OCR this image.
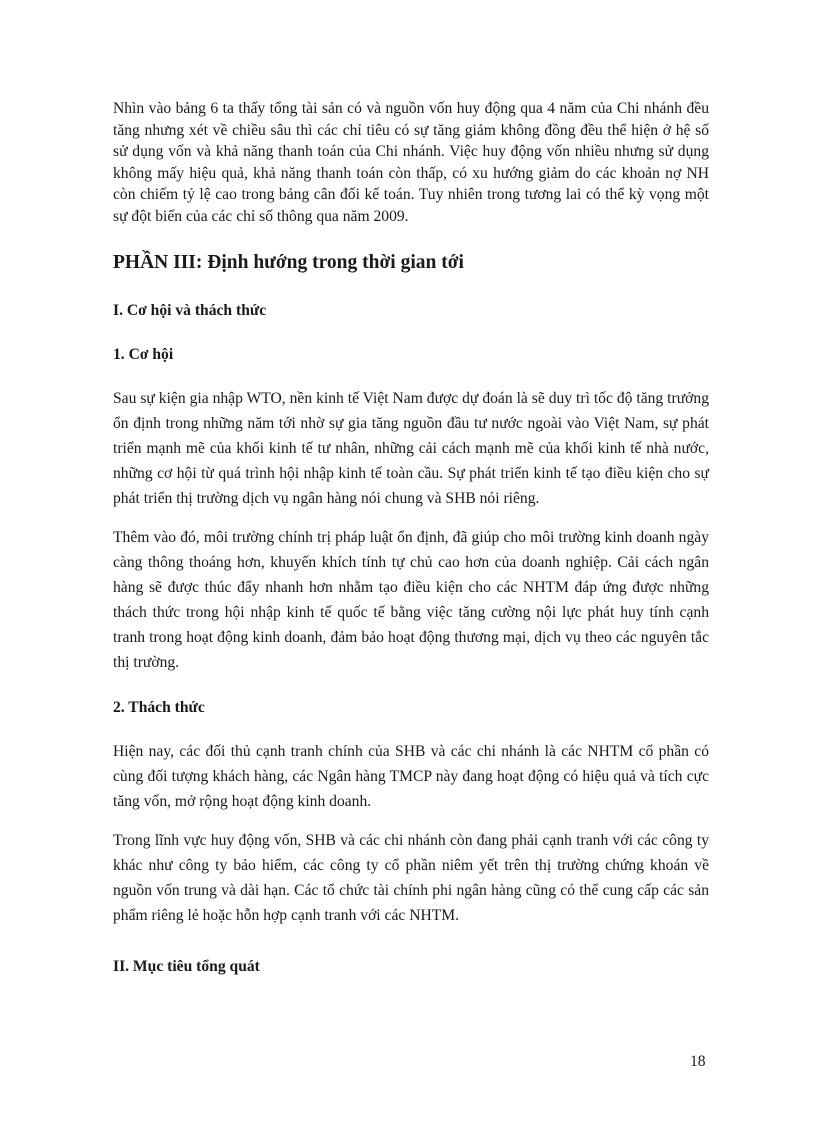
Nhìn vào bảng 6 ta thấy tổng tài sản có và nguồn vốn huy động qua 4 năm của Chi nhánh đều tăng nhưng xét về chiều sâu thì các chỉ tiêu có sự tăng giảm không đồng đều thể hiện ở hệ số sử dụng vốn và khả năng thanh toán của Chi nhánh. Việc huy động vốn nhiều nhưng sử dụng không mấy hiệu quả, khả năng thanh toán còn thấp, có xu hướng giảm do các khoản nợ NH còn chiếm tỷ lệ cao trong bảng cân đối kế toán. Tuy nhiên trong tương lai có thể kỳ vọng một sự đột biến của các chỉ số thông qua năm 2009.

PHẦN III: Định hướng trong thời gian tới
I. Cơ hội và thách thức
1. Cơ hội

Sau sự kiện gia nhập WTO, nền kinh tế Việt Nam được dự đoán là sẽ duy trì tốc độ tăng trưởng ổn định trong những năm tới nhờ sự gia tăng nguồn đầu tư nước ngoài vào Việt Nam, sự phát triển mạnh mẽ của khối kinh tế tư nhân, những cải cách mạnh mẽ của khối kinh tế nhà nước, những cơ hội từ quá trình hội nhập kinh tế toàn cầu. Sự phát triển kinh tế tạo điều kiện cho sự phát triển thị trường dịch vụ ngân hàng nói chung và SHB nói riêng.

Thêm vào đó, môi trường chính trị pháp luật ổn định, đã giúp cho môi trường kinh doanh ngày càng thông thoáng hơn, khuyến khích tính tự chủ cao hơn của doanh nghiệp. Cải cách ngân hàng sẽ được thúc đẩy nhanh hơn nhằm tạo điều kiện cho các NHTM đáp ứng được những thách thức trong hội nhập kinh tế quốc tế bằng việc tăng cường nội lực phát huy tính cạnh tranh trong hoạt động kinh doanh, đảm bảo hoạt động thương mại, dịch vụ theo các nguyên tắc thị trường.

2. Thách thức

Hiện nay, các đối thủ cạnh tranh chính của SHB và các chi nhánh là các NHTM cổ phần có cùng đối tượng khách hàng, các Ngân hàng TMCP này đang hoạt động có hiệu quả và tích cực tăng vốn, mở rộng hoạt động kinh doanh.

Trong lĩnh vực huy động vốn, SHB và các chi nhánh còn đang phải cạnh tranh với các công ty khác như công ty bảo hiểm, các công ty cổ phần niêm yết trên thị trường chứng khoán về nguồn vốn trung và dài hạn. Các tổ chức tài chính phi ngân hàng cũng có thể cung cấp các sản phẩm riêng lẻ hoặc hỗn hợp cạnh tranh với các NHTM.

II. Mục tiêu tổng quát
18
